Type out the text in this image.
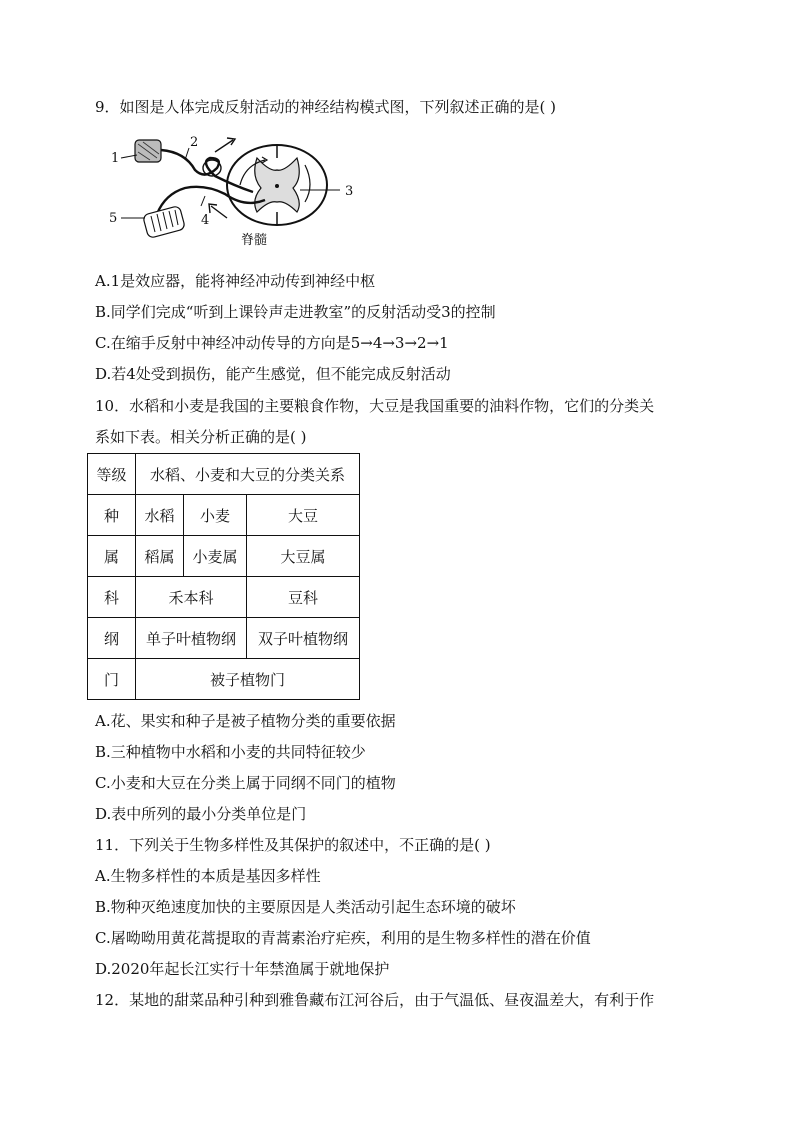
9．如图是人体完成反射活动的神经结构模式图，下列叙述正确的是( )
1
2
3
4
5
脊髓
A.1是效应器，能将神经冲动传到神经中枢
B.同学们完成“听到上课铃声走进教室”的反射活动受3的控制
C.在缩手反射中神经冲动传导的方向是5→4→3→2→1
D.若4处受到损伤，能产生感觉，但不能完成反射活动
10．水稻和小麦是我国的主要粮食作物，大豆是我国重要的油料作物，它们的分类关
系如下表。相关分析正确的是( )
等级	水稻、小麦和大豆的分类关系		
种	水稻	小麦	大豆
属	稻属	小麦属	大豆属
科	禾本科		豆科
纲	单子叶植物纲		双子叶植物纲
门	被子植物门		
A.花、果实和种子是被子植物分类的重要依据
B.三种植物中水稻和小麦的共同特征较少
C.小麦和大豆在分类上属于同纲不同门的植物
D.表中所列的最小分类单位是门
11．下列关于生物多样性及其保护的叙述中，不正确的是( )
A.生物多样性的本质是基因多样性
B.物种灭绝速度加快的主要原因是人类活动引起生态环境的破坏
C.屠呦呦用黄花蒿提取的青蒿素治疗疟疾，利用的是生物多样性的潜在价值
D.2020年起长江实行十年禁渔属于就地保护
12．某地的甜菜品种引种到雅鲁藏布江河谷后，由于气温低、昼夜温差大，有利于作
